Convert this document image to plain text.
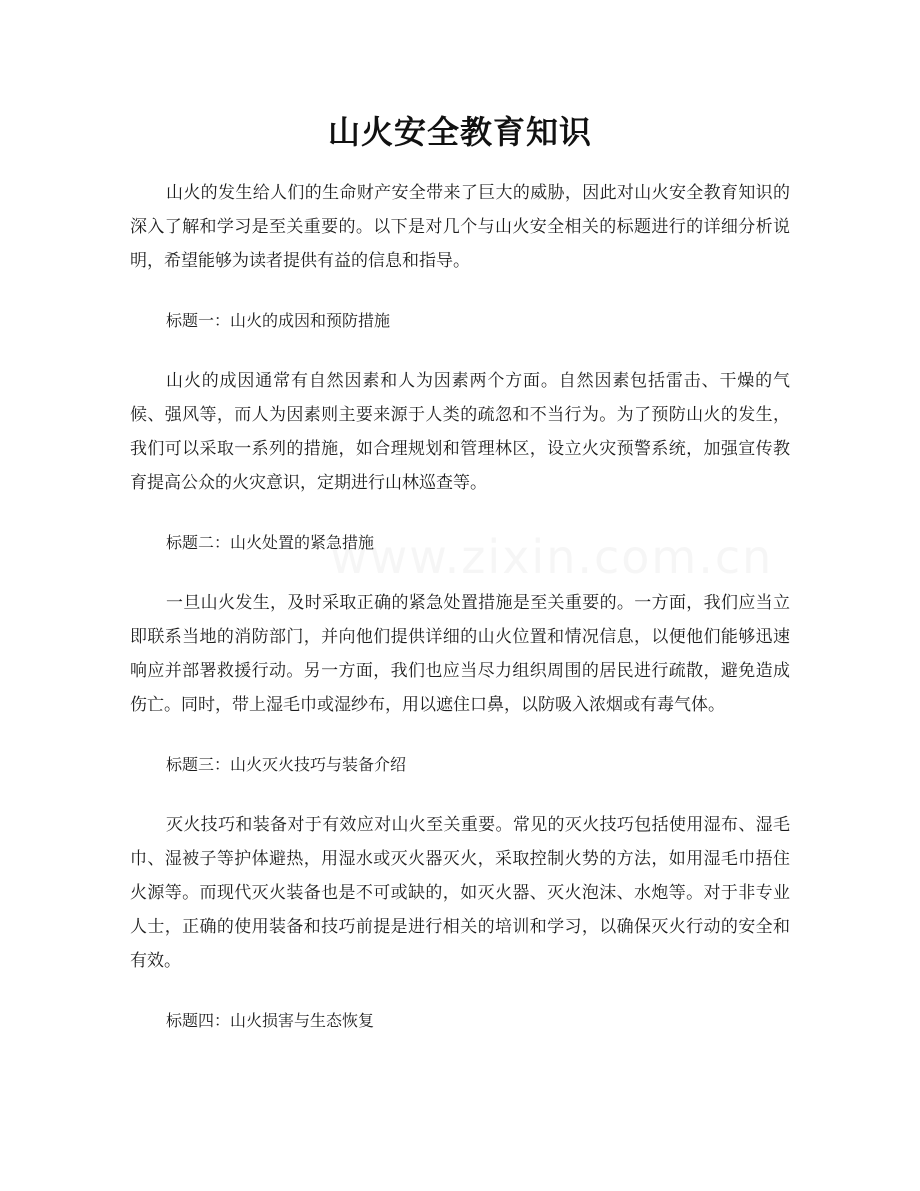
www.zixin.com.cn
山火安全教育知识

山火的发生给人们的生命财产安全带来了巨大的威胁，因此对山火安全教育知识的深入了解和学习是至关重要的。以下是对几个与山火安全相关的标题进行的详细分析说明，希望能够为读者提供有益的信息和指导。

标题一：山火的成因和预防措施

山火的成因通常有自然因素和人为因素两个方面。自然因素包括雷击、干燥的气候、强风等，而人为因素则主要来源于人类的疏忽和不当行为。为了预防山火的发生，我们可以采取一系列的措施，如合理规划和管理林区，设立火灾预警系统，加强宣传教育提高公众的火灾意识，定期进行山林巡查等。

标题二：山火处置的紧急措施

一旦山火发生，及时采取正确的紧急处置措施是至关重要的。一方面，我们应当立即联系当地的消防部门，并向他们提供详细的山火位置和情况信息，以便他们能够迅速响应并部署救援行动。另一方面，我们也应当尽力组织周围的居民进行疏散，避免造成伤亡。同时，带上湿毛巾或湿纱布，用以遮住口鼻，以防吸入浓烟或有毒气体。

标题三：山火灭火技巧与装备介绍

灭火技巧和装备对于有效应对山火至关重要。常见的灭火技巧包括使用湿布、湿毛巾、湿被子等护体避热，用湿水或灭火器灭火，采取控制火势的方法，如用湿毛巾捂住火源等。而现代灭火装备也是不可或缺的，如灭火器、灭火泡沫、水炮等。对于非专业人士，正确的使用装备和技巧前提是进行相关的培训和学习，以确保灭火行动的安全和有效。

标题四：山火损害与生态恢复
